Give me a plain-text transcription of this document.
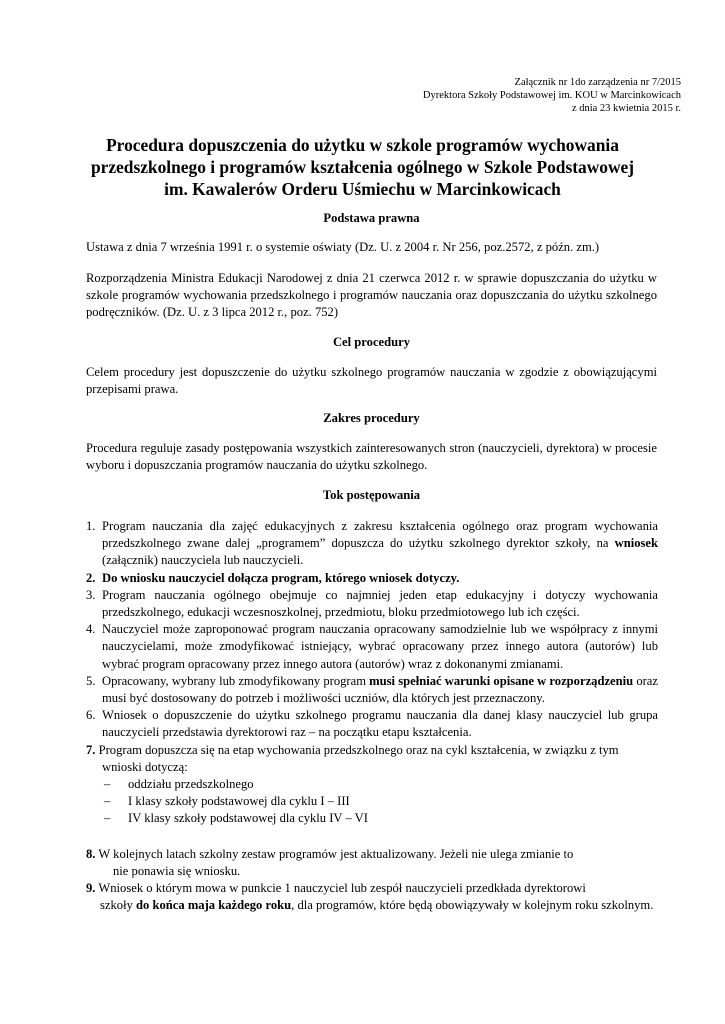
Załącznik nr 1do zarządzenia nr 7/2015
Dyrektora Szkoły Podstawowej im. KOU w Marcinkowicach
z dnia 23 kwietnia 2015 r.
Procedura dopuszczenia do użytku w szkole programów wychowania
przedszkolnego i programów kształcenia ogólnego w Szkole Podstawowej
im. Kawalerów Orderu Uśmiechu w Marcinkowicach
Podstawa prawna
Ustawa z dnia 7 września 1991 r. o systemie oświaty (Dz. U. z 2004 r. Nr 256, poz.2572, z późn. zm.)
Rozporządzenia Ministra Edukacji Narodowej z dnia 21 czerwca 2012 r. w sprawie dopuszczania do użytku w szkole programów wychowania przedszkolnego i programów nauczania oraz dopuszczania do użytku szkolnego podręczników. (Dz. U. z 3 lipca 2012 r., poz. 752)
Cel procedury
Celem procedury jest dopuszczenie do użytku szkolnego programów nauczania w zgodzie z obowiązującymi przepisami prawa.
Zakres procedury
Procedura reguluje zasady postępowania wszystkich zainteresowanych stron (nauczycieli, dyrektora) w procesie wyboru i dopuszczania programów nauczania do użytku szkolnego.
Tok postępowania
1. Program nauczania dla zajęć edukacyjnych z zakresu kształcenia ogólnego oraz program wychowania przedszkolnego zwane dalej „programem” dopuszcza do użytku szkolnego dyrektor szkoły, na wniosek (załącznik) nauczyciela lub nauczycieli.
2. Do wniosku nauczyciel dołącza program, którego wniosek dotyczy.
3. Program nauczania ogólnego obejmuje co najmniej jeden etap edukacyjny i dotyczy wychowania przedszkolnego, edukacji wczesnoszkolnej, przedmiotu, bloku przedmiotowego lub ich części.
4. Nauczyciel może zaproponować program nauczania opracowany samodzielnie lub we współpracy z innymi nauczycielami, może zmodyfikować istniejący, wybrać opracowany przez innego autora (autorów) lub wybrać program opracowany przez innego autora (autorów) wraz z dokonanymi zmianami.
5. Opracowany, wybrany lub zmodyfikowany program musi spełniać warunki opisane w rozporządzeniu oraz musi być dostosowany do potrzeb i możliwości uczniów, dla których jest przeznaczony.
6. Wniosek o dopuszczenie do użytku szkolnego programu nauczania dla danej klasy nauczyciel lub grupa nauczycieli przedstawia dyrektorowi raz – na początku etapu kształcenia.
7. Program dopuszcza się na etap wychowania przedszkolnego oraz na cykl kształcenia, w związku z tym
wnioski dotyczą:
– oddziału przedszkolnego
– I klasy szkoły podstawowej dla cyklu I – III
– IV klasy szkoły podstawowej dla cyklu IV – VI
8. W kolejnych latach szkolny zestaw programów jest aktualizowany. Jeżeli nie ulega zmianie to
nie ponawia się wniosku.
9. Wniosek o którym mowa w punkcie 1 nauczyciel lub zespół nauczycieli przedkłada dyrektorowi
szkoły do końca maja każdego roku, dla programów, które będą obowiązywały w kolejnym roku szkolnym.
